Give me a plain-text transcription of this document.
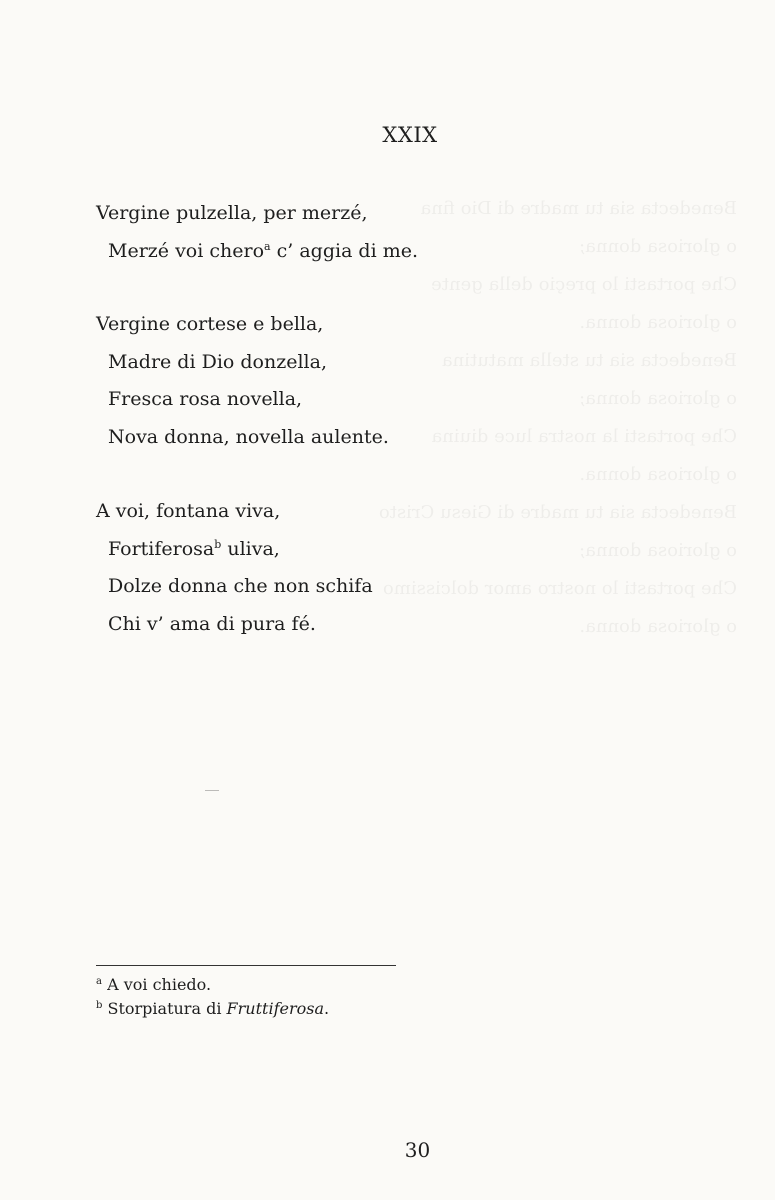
Benedecta sia tu madre di Dio fina
o gloriosa donna;
Che portasti lo preçio della gente
o gloriosa donna.
Benedecta sia tu stella matutina
o gloriosa donna;
Che portasti la nostra luce diuina
o gloriosa donna.
Benedecta sia tu madre di Giesu Cristo
o gloriosa donna;
Che portasti lo nostro amor dolcissimo
o gloriosa donna.
XXIX
Vergine pulzella, per merzé,
Merzé voi chero$^a$ c’ aggia di me.
Vergine cortese e bella,
Madre di Dio donzella,
Fresca rosa novella,
Nova donna, novella aulente.
A voi, fontana viva,
Fortiferosa$^b$ uliva,
Dolze donna che non schifa
Chi v’ ama di pura fé.
$^a$ A voi chiedo.
$^b$ Storpiatura di Fruttiferosa.
30
